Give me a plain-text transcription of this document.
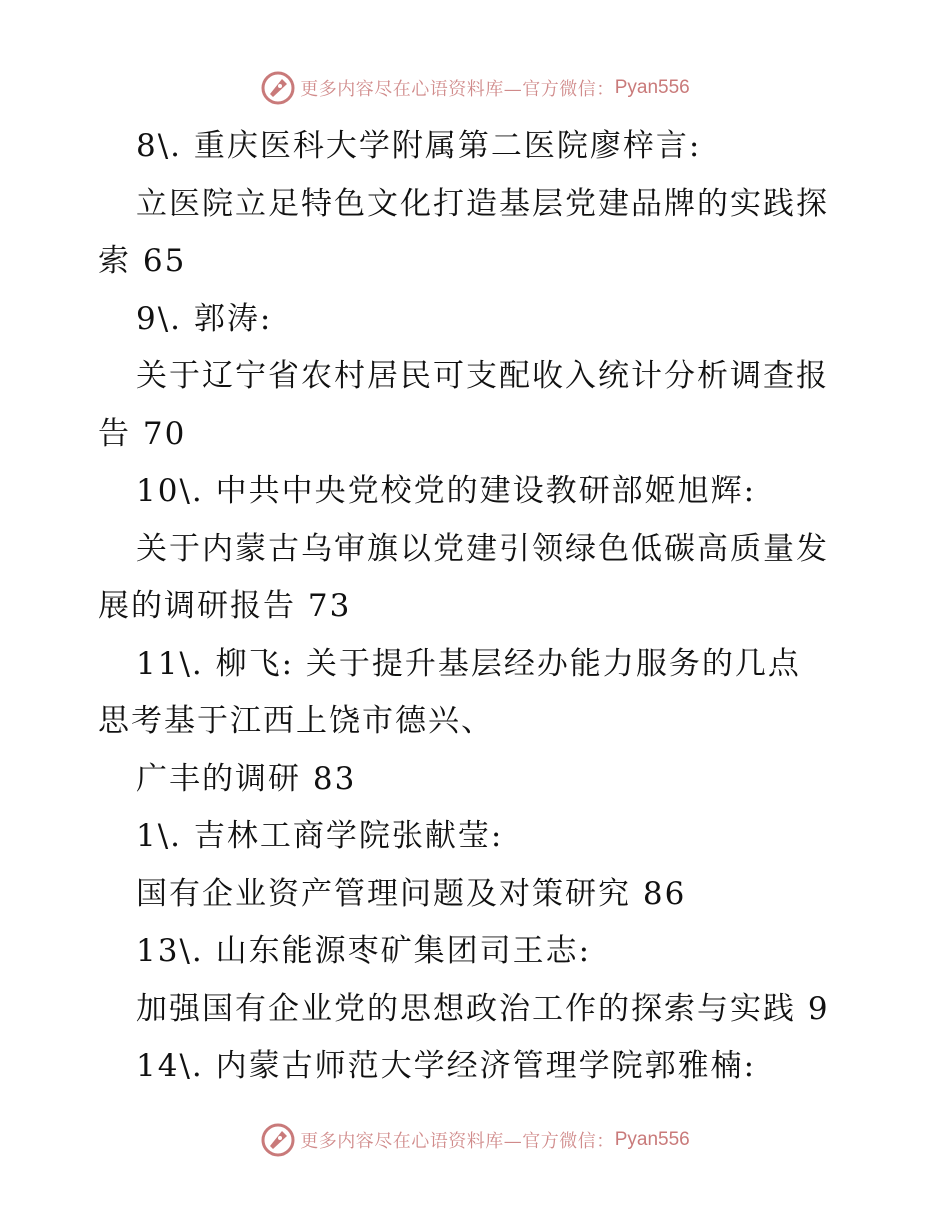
更多内容尽在心语资料库—官方微信： Pyan556
8\. 重庆医科大学附属第二医院廖梓言:
立医院立足特色文化打造基层党建品牌的实践探
索 65
9\. 郭涛:
关于辽宁省农村居民可支配收入统计分析调查报
告 70
10\. 中共中央党校党的建设教研部姬旭辉:
关于内蒙古乌审旗以党建引领绿色低碳高质量发
展的调研报告 73
11\. 柳飞: 关于提升基层经办能力服务的几点
思考基于江西上饶市德兴、
广丰的调研 83
1\. 吉林工商学院张献莹:
国有企业资产管理问题及对策研究 86
13\. 山东能源枣矿集团司王志:
加强国有企业党的思想政治工作的探索与实践 9
14\. 内蒙古师范大学经济管理学院郭雅楠:
更多内容尽在心语资料库—官方微信： Pyan556
